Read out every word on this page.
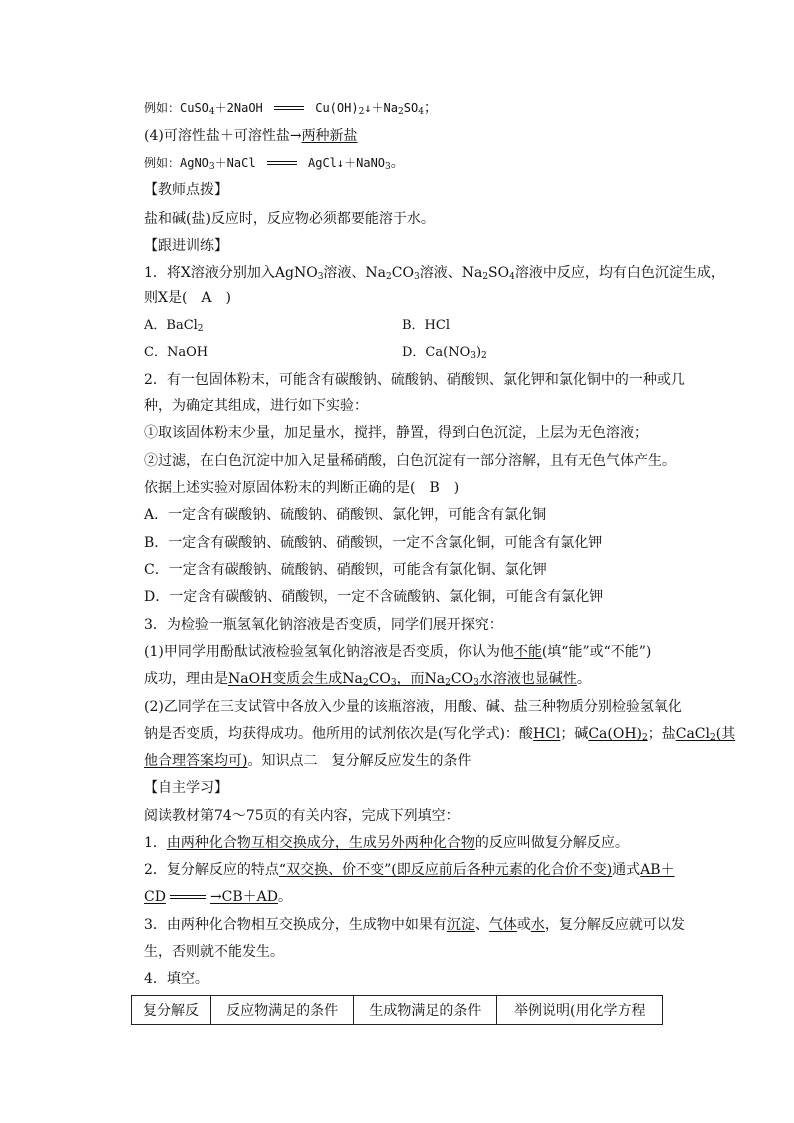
例如：CuSO$_4$＋2NaOH	$Cu(OH)_2↓+Na_2SO_4$；
(4)可溶性盐＋可溶性盐→两种新盐
例如：AgNO$_3$＋NaCl	AgCl↓＋NaNO$_3$。
【教师点拨】
盐和碱(盐)反应时，反应物必须都要能溶于水。
【跟进训练】
1．将X溶液分别加入AgNO$_3$溶液、$Na_2CO_3$溶液、$Na_2SO_4$溶液中反应，均有白色沉淀生成，
则X是(　A　)
A．BaCl$_2$	B．HCl
C．NaOH	D．$Ca(NO_3)_2$
2．有一包固体粉末，可能含有碳酸钠、硫酸钠、硝酸钡、氯化钾和氯化铜中的一种或几
种，为确定其组成，进行如下实验：
①取该固体粉末少量，加足量水，搅拌，静置，得到白色沉淀，上层为无色溶液；
②过滤，在白色沉淀中加入足量稀硝酸，白色沉淀有一部分溶解，且有无色气体产生。
依据上述实验对原固体粉末的判断正确的是(　B　)
A．一定含有碳酸钠、硫酸钠、硝酸钡、氯化钾，可能含有氯化铜
B．一定含有碳酸钠、硫酸钠、硝酸钡，一定不含氯化铜，可能含有氯化钾
C．一定含有碳酸钠、硫酸钠、硝酸钡，可能含有氯化铜、氯化钾
D．一定含有碳酸钠、硝酸钡，一定不含硫酸钠、氯化铜，可能含有氯化钾
3．为检验一瓶氢氧化钠溶液是否变质，同学们展开探究：
(1)甲同学用酚酞试液检验氢氧化钠溶液是否变质，你认为他不能(填“能”或“不能”)
成功，理由是NaOH变质会生成$Na_2CO_3$，而$Na_2CO_3$水溶液也显碱性。
(2)乙同学在三支试管中各放入少量的该瓶溶液，用酸、碱、盐三种物质分别检验氢氧化
钠是否变质，均获得成功。他所用的试剂依次是(写化学式)：酸HCl；碱$Ca(OH)_2$；盐CaCl$_2$(其
他合理答案均可)。知识点二　复分解反应发生的条件
【自主学习】
阅读教材第74～75页的有关内容，完成下列填空：
1．由两种化合物互相交换成分，生成另外两种化合物的反应叫做复分解反应。
2．复分解反应的特点“双交换、价不变”(即反应前后各种元素的化合价不变)通式AB＋
CD	→CB＋AD。
3．由两种化合物相互交换成分，生成物中如果有沉淀、气体或水，复分解反应就可以发
生，否则就不能发生。
4．填空。
复分解反	反应物满足的条件	生成物满足的条件	举例说明(用化学方程
